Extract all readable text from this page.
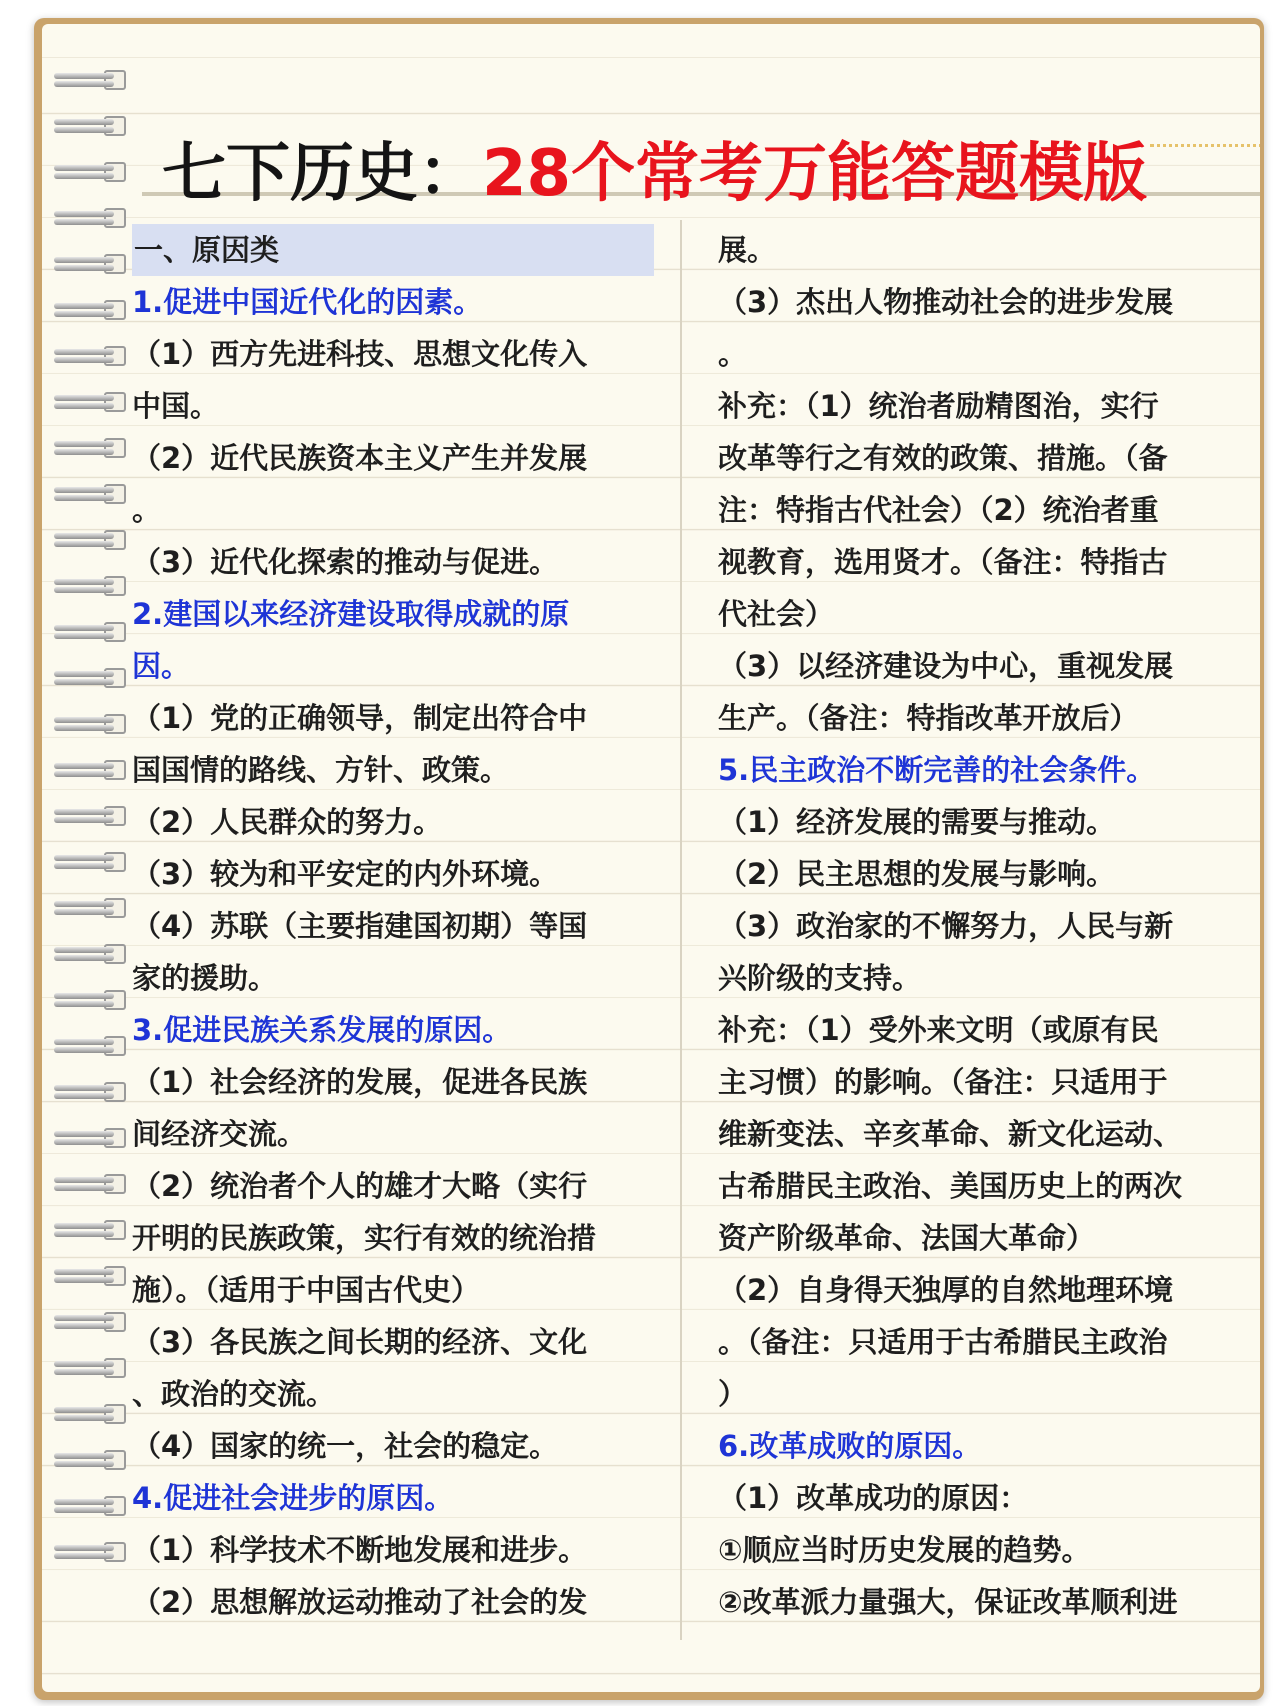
七下历史：28个常考万能答题模版
一、原因类
1.促进中国近代化的因素。
（1）西方先进科技、思想文化传入
中国。
（2）近代民族资本主义产生并发展
。
（3）近代化探索的推动与促进。
2.建国以来经济建设取得成就的原
因。
（1）党的正确领导，制定出符合中
国国情的路线、方针、政策。
（2）人民群众的努力。
（3）较为和平安定的内外环境。
（4）苏联（主要指建国初期）等国
家的援助。
3.促进民族关系发展的原因。
（1）社会经济的发展，促进各民族
间经济交流。
（2）统治者个人的雄才大略（实行
开明的民族政策，实行有效的统治措
施）。（适用于中国古代史）
（3）各民族之间长期的经济、文化
、政治的交流。
（4）国家的统一，社会的稳定。
4.促进社会进步的原因。
（1）科学技术不断地发展和进步。
（2）思想解放运动推动了社会的发
展。
（3）杰出人物推动社会的进步发展
。
补充：（1）统治者励精图治，实行
改革等行之有效的政策、措施。（备
注：特指古代社会）（2）统治者重
视教育，选用贤才。（备注：特指古
代社会）
（3）以经济建设为中心，重视发展
生产。（备注：特指改革开放后）
5.民主政治不断完善的社会条件。
（1）经济发展的需要与推动。
（2）民主思想的发展与影响。
（3）政治家的不懈努力，人民与新
兴阶级的支持。
补充：（1）受外来文明（或原有民
主习惯）的影响。（备注：只适用于
维新变法、辛亥革命、新文化运动、
古希腊民主政治、美国历史上的两次
资产阶级革命、法国大革命）
（2）自身得天独厚的自然地理环境
。（备注：只适用于古希腊民主政治
）
6.改革成败的原因。
（1）改革成功的原因：
①顺应当时历史发展的趋势。
②改革派力量强大，保证改革顺利进
